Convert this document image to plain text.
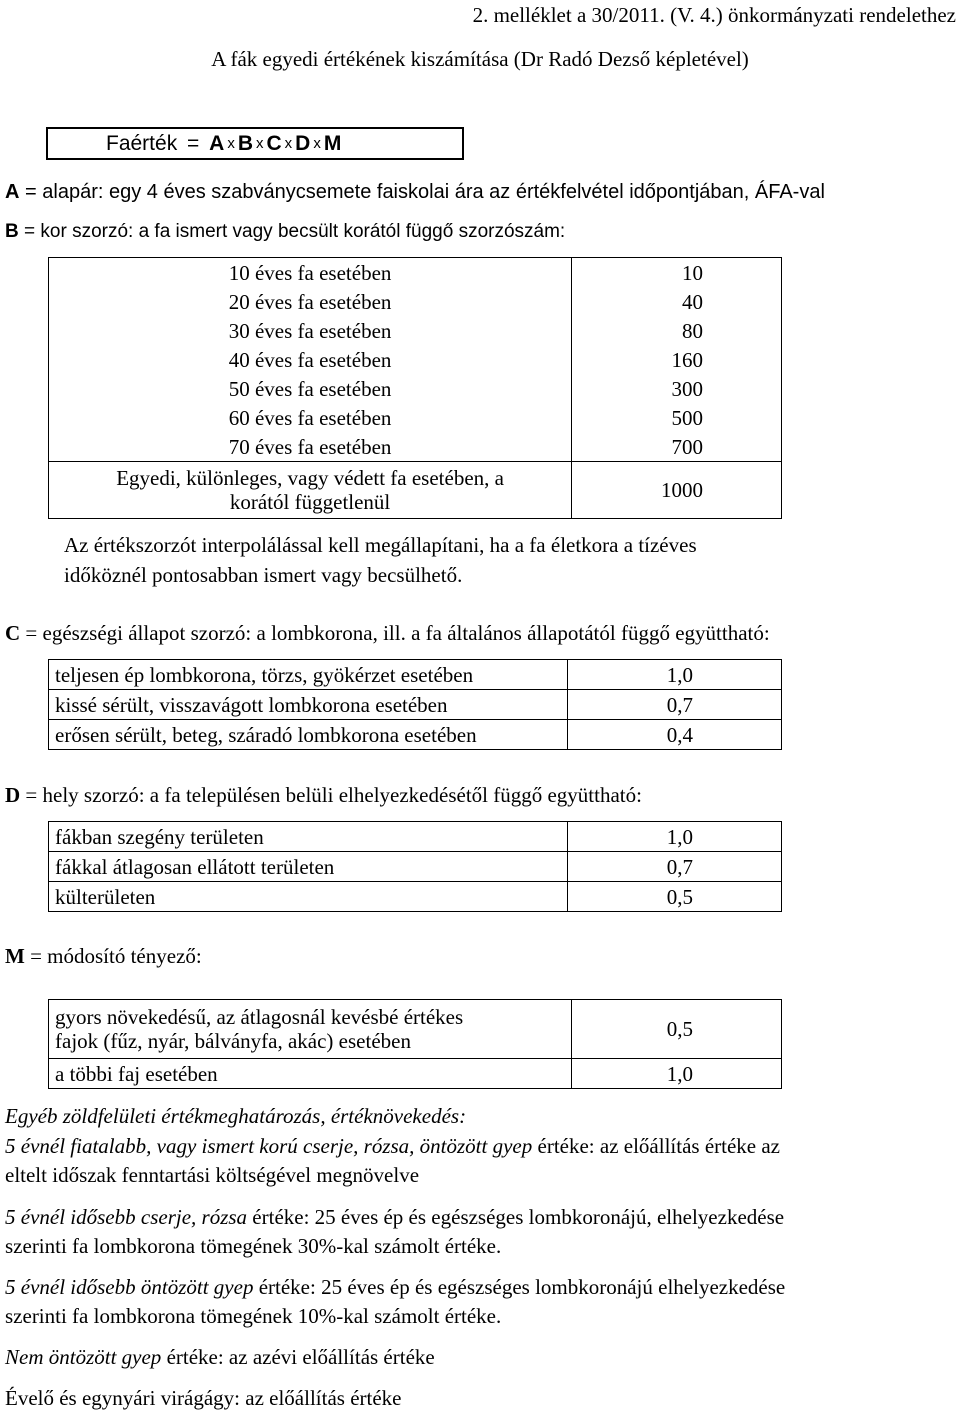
2. melléklet a 30/2011. (V. 4.) önkormányzati rendelethez
A fák egyedi értékének kiszámítása (Dr Radó Dezső képletével)
Faérték = A x B x C x D x M
A = alapár: egy 4 éves szabványcsemete faiskolai ára az értékfelvétel időpontjában, ÁFA-val
B = kor szorzó: a fa ismert vagy becsült korától függő szorzószám:
10 éves fa esetében	10
20 éves fa esetében	40
30 éves fa esetében	80
40 éves fa esetében	160
50 éves fa esetében	300
60 éves fa esetében	500
70 éves fa esetében	700

Egyedi, különleges, vagy védett fa esetében, a
korától függetlenül	1000
Az értékszorzót interpolálással kell megállapítani, ha a fa életkora a tízéves
időköznél pontosabban ismert vagy becsülhető.
C = egészségi állapot szorzó: a lombkorona, ill. a fa általános állapotától függő együttható:
teljesen ép lombkorona, törzs, gyökérzet esetében	1,0
kissé sérült, visszavágott lombkorona esetében	0,7
erősen sérült, beteg, száradó lombkorona esetében	0,4
D = hely szorzó: a fa településen belüli elhelyezkedésétől függő együttható:
fákban szegény területen	1,0
fákkal átlagosan ellátott területen	0,7
külterületen	0,5
M = módosító tényező:
gyors növekedésű, az átlagosnál kevésbé értékes
fajok (fűz, nyár, bálványfa, akác) esetében	0,5
a többi faj esetében	1,0
Egyéb zöldfelületi értékmeghatározás, értéknövekedés:
5 évnél fiatalabb, vagy ismert korú cserje, rózsa, öntözött gyep értéke: az előállítás értéke az
eltelt időszak fenntartási költségével megnövelve
5 évnél idősebb cserje, rózsa értéke: 25 éves ép és egészséges lombkoronájú, elhelyezkedése
szerinti fa lombkorona tömegének 30%-kal számolt értéke.
5 évnél idősebb öntözött gyep értéke: 25 éves ép és egészséges lombkoronájú elhelyezkedése
szerinti fa lombkorona tömegének 10%-kal számolt értéke.
Nem öntözött gyep értéke: az azévi előállítás értéke
Évelő és egynyári virágágy: az előállítás értéke
